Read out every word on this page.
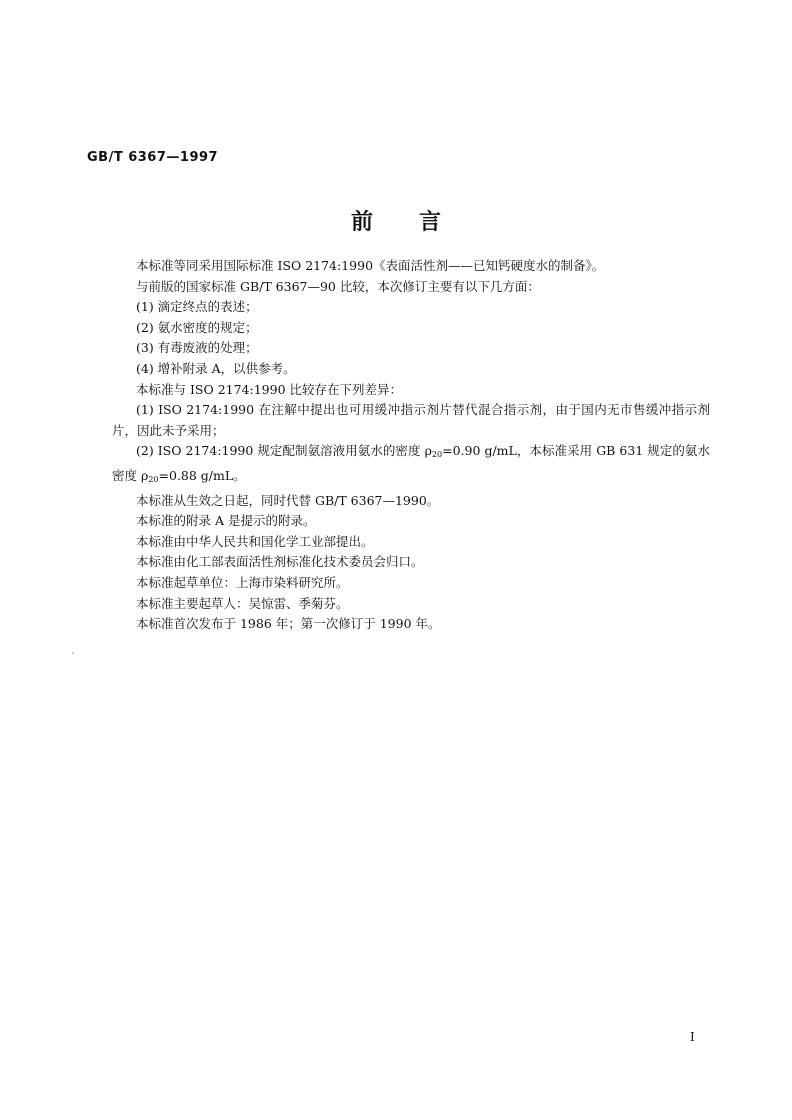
GB/T 6367—1997
前言

本标准等同采用国际标准 ISO 2174:1990《表面活性剂——已知钙硬度水的制备》。

与前版的国家标准 GB/T 6367—90 比较，本次修订主要有以下几方面：

(1) 滴定终点的表述；

(2) 氨水密度的规定；

(3) 有毒废液的处理；

(4) 增补附录 A，以供参考。

本标准与 ISO 2174:1990 比较存在下列差异：

(1) ISO 2174:1990 在注解中提出也可用缓冲指示剂片替代混合指示剂，由于国内无市售缓冲指示剂片，因此未予采用；

(2) ISO 2174:1990 规定配制氨溶液用氨水的密度 $\rho_{20}=0.90$ g/mL，本标准采用 GB 631 规定的氨水密度 $\rho_{20}=0.88$ g/mL。

本标准从生效之日起，同时代替 GB/T 6367—1990。

本标准的附录 A 是提示的附录。

本标准由中华人民共和国化学工业部提出。

本标准由化工部表面活性剂标准化技术委员会归口。

本标准起草单位：上海市染料研究所。

本标准主要起草人：吴惊雷、季菊芬。

本标准首次发布于 1986 年；第一次修订于 1990 年。

I
